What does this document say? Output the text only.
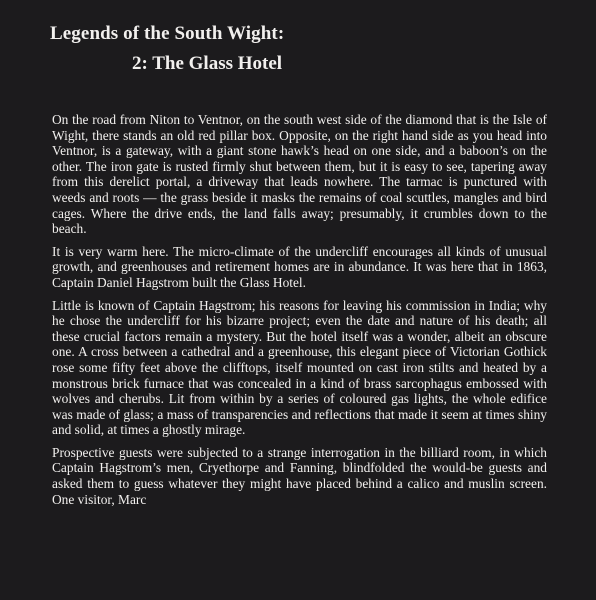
Legends of the South Wight:
2: The Glass Hotel

On the road from Niton to Ventnor, on the south west side of the diamond that is the Isle of Wight, there stands an old red pillar box. Opposite, on the right hand side as you head into Ventnor, is a gateway, with a giant stone hawk’s head on one side, and a baboon’s on the other. The iron gate is rusted firmly shut between them, but it is easy to see, tapering away from this derelict portal, a driveway that leads nowhere. The tarmac is punctured with weeds and roots — the grass beside it masks the remains of coal scuttles, mangles and bird cages. Where the drive ends, the land falls away; presumably, it crumbles down to the beach.

It is very warm here. The micro-climate of the undercliff encourages all kinds of unusual growth, and greenhouses and retirement homes are in abundance. It was here that in 1863, Captain Daniel Hagstrom built the Glass Hotel.

Little is known of Captain Hagstrom; his reasons for leaving his commission in India; why he chose the undercliff for his bizarre project; even the date and nature of his death; all these crucial factors remain a mystery. But the hotel itself was a wonder, albeit an obscure one. A cross between a cathedral and a greenhouse, this elegant piece of Victorian Gothick rose some fifty feet above the clifftops, itself mounted on cast iron stilts and heated by a monstrous brick furnace that was concealed in a kind of brass sarcophagus embossed with wolves and cherubs. Lit from within by a series of coloured gas lights, the whole edifice was made of glass; a mass of transparencies and reflections that made it seem at times shiny and solid, at times a ghostly mirage.

Prospective guests were subjected to a strange interrogation in the billiard room, in which Captain Hagstrom’s men, Cryethorpe and Fanning, blindfolded the would-be guests and asked them to guess whatever they might have placed behind a calico and muslin screen. One visitor, Marc
